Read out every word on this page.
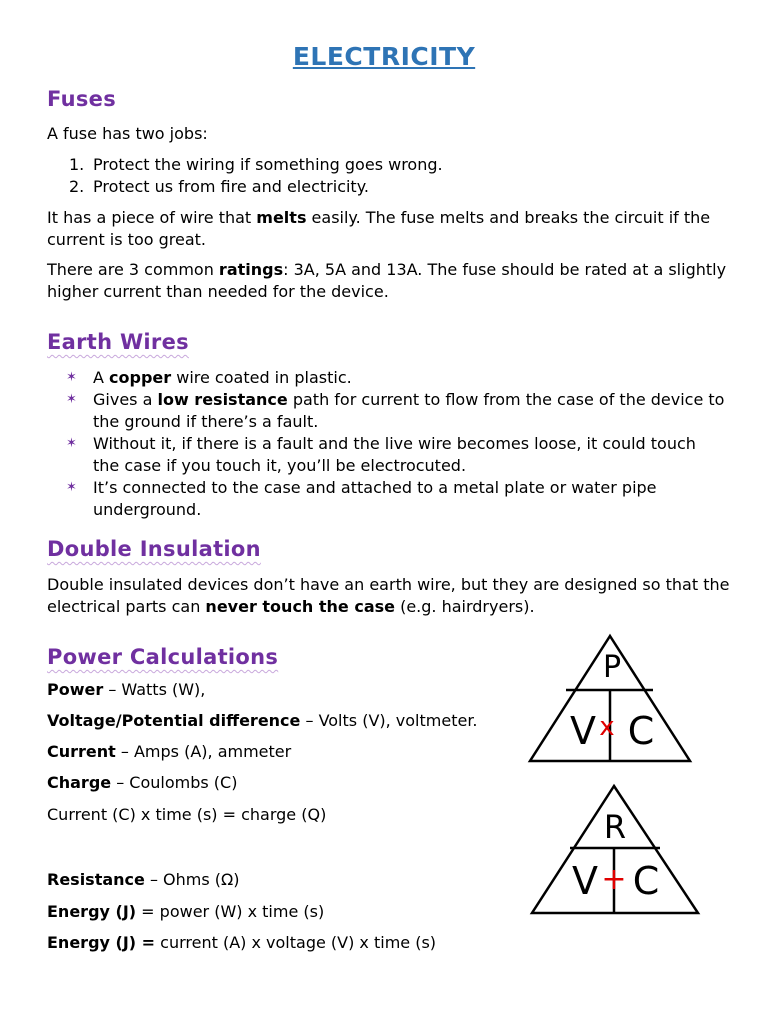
ELECTRICITY
Fuses

A fuse has two jobs:

1. Protect the wiring if something goes wrong.
2. Protect us from fire and electricity.

It has a piece of wire that melts easily. The fuse melts and breaks the circuit if the current is too great.

There are 3 common ratings: 3A, 5A and 13A. The fuse should be rated at a slightly higher current than needed for the device.

Earth Wires
✶ A copper wire coated in plastic.
✶ Gives a low resistance path for current to flow from the case of the device to the ground if there’s a fault.
✶ Without it, if there is a fault and the live wire becomes loose, it could touch the case if you touch it, you’ll be electrocuted.
✶ It’s connected to the case and attached to a metal plate or water pipe underground.
Double Insulation

Double insulated devices don’t have an earth wire, but they are designed so that the electrical parts can never touch the case (e.g. hairdryers).

Power Calculations

Power – Watts (W),

Voltage/Potential difference – Volts (V), voltmeter.

Current – Amps (A), ammeter

Charge – Coulombs (C)

Current (C) x time (s) = charge (Q)

Resistance – Ohms (Ω)

Energy (J) = power (W) x time (s)

Energy (J) = current (A) x voltage (V) x time (s)

P
V C
x
R
V C
+
